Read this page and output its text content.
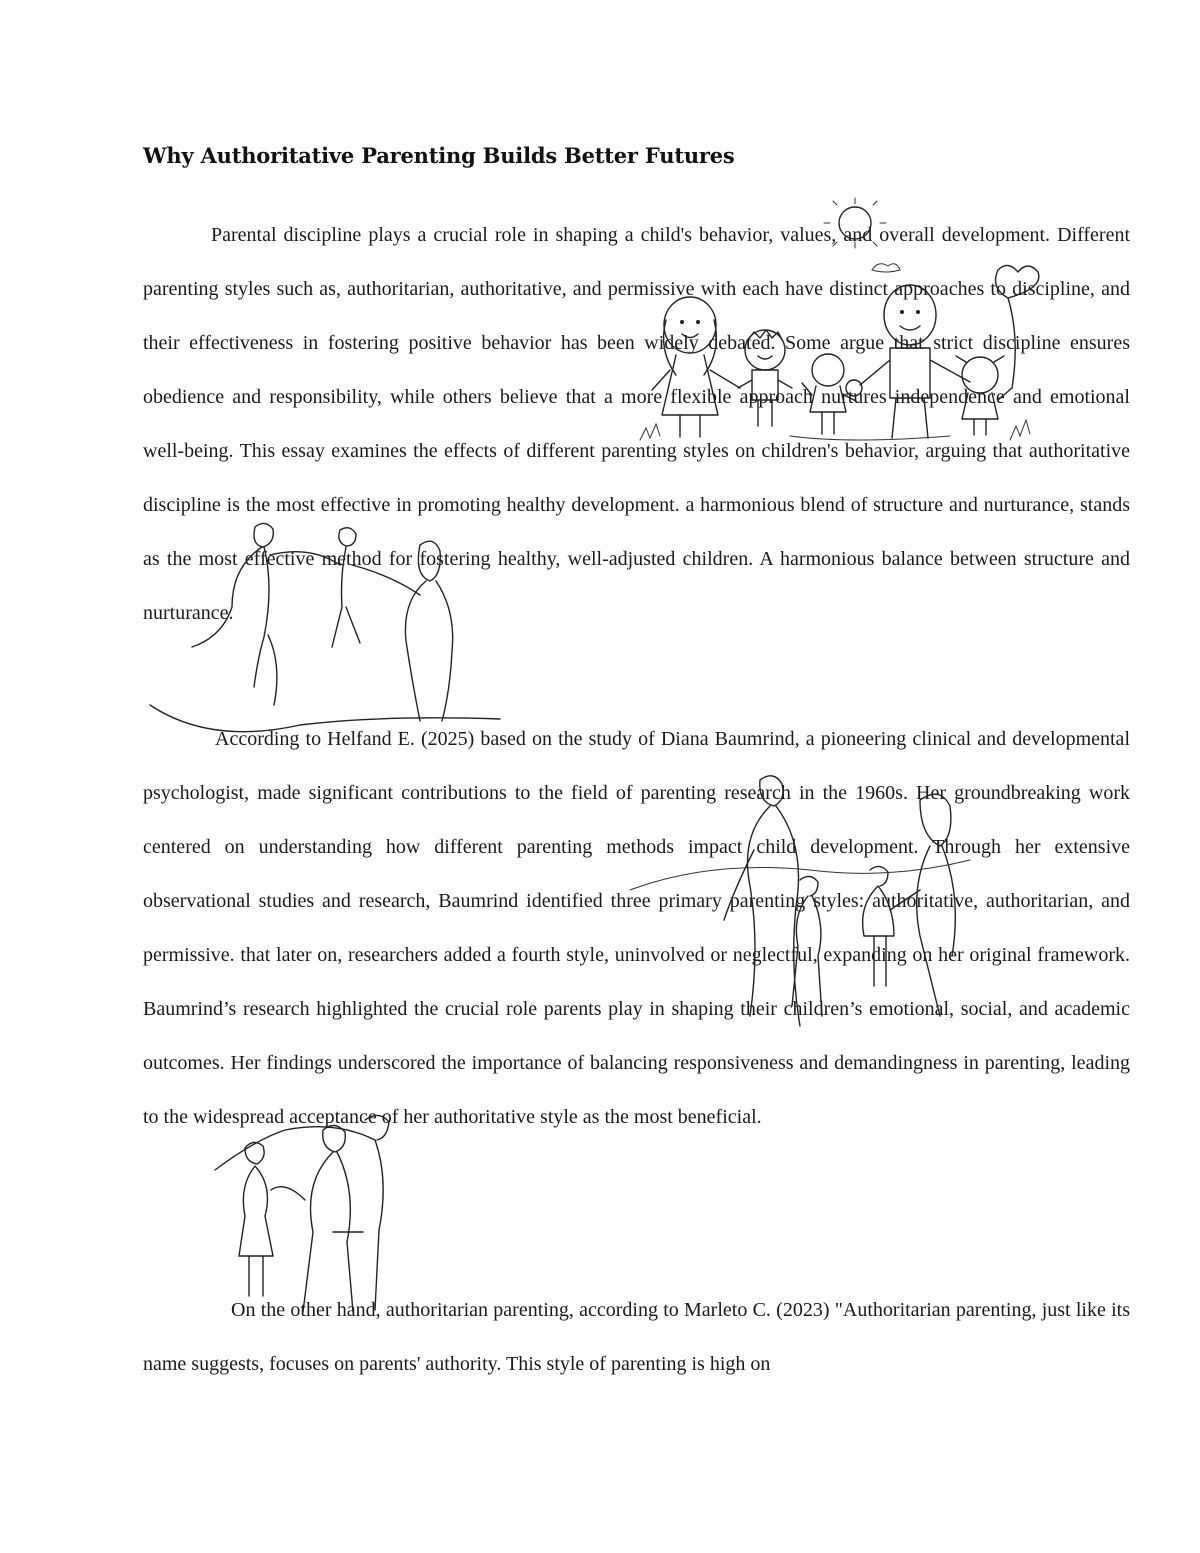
Why Authoritative Parenting Builds Better Futures

Parental discipline plays a crucial role in shaping a child's behavior, values, and overall development. Different parenting styles such as, authoritarian, authoritative, and permissive with each have distinct approaches to discipline, and their effectiveness in fostering positive behavior has been widely debated. Some argue that strict discipline ensures obedience and responsibility, while others believe that a more flexible approach nurtures independence and emotional well-being. This essay examines the effects of different parenting styles on children's behavior, arguing that authoritative discipline is the most effective in promoting healthy development. a harmonious blend of structure and nurturance, stands as the most effective method for fostering healthy, well-adjusted children. A harmonious balance between structure and nurturance.

According to Helfand E. (2025) based on the study of Diana Baumrind, a pioneering clinical and developmental psychologist, made significant contributions to the field of parenting research in the 1960s. Her groundbreaking work centered on understanding how different parenting methods impact child development. Through her extensive observational studies and research, Baumrind identified three primary parenting styles: authoritative, authoritarian, and permissive. that later on, researchers added a fourth style, uninvolved or neglectful, expanding on her original framework. Baumrind’s research highlighted the crucial role parents play in shaping their children’s emotional, social, and academic outcomes. Her findings underscored the importance of balancing responsiveness and demandingness in parenting, leading to the widespread acceptance of her authoritative style as the most beneficial.

On the other hand, authoritarian parenting, according to Marleto C. (2023) "Authoritarian parenting, just like its name suggests, focuses on parents' authority. This style of parenting is high on
